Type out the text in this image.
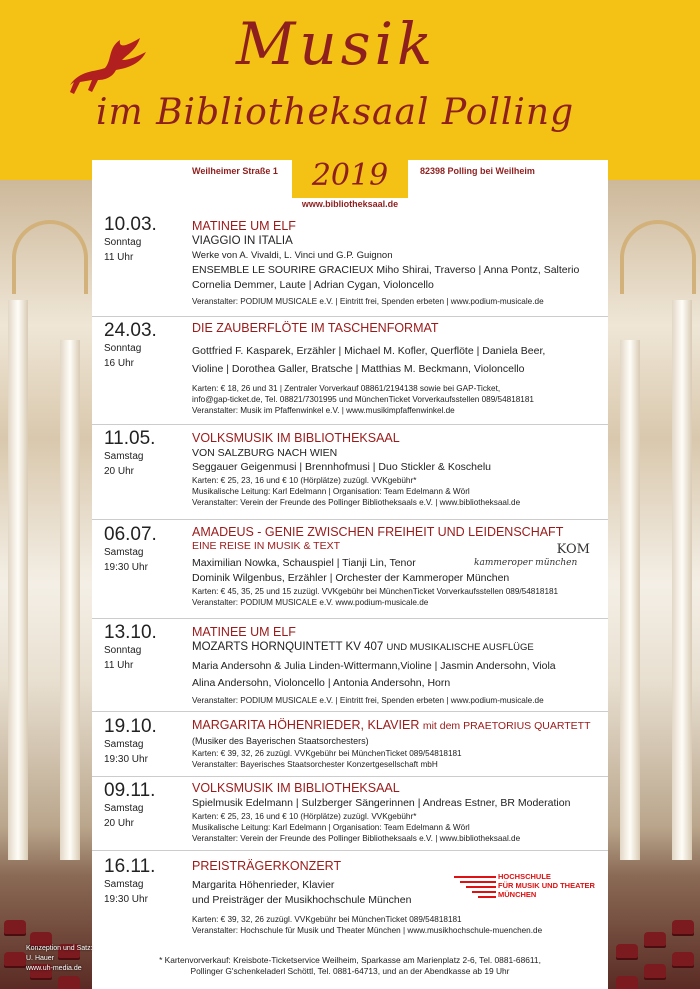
Musik
im Bibliotheksaal Polling
Weilheimer Straße 1	82398 Polling bei Weilheim
2019
www.bibliotheksaal.de
10.03.
Sonntag
11 Uhr
MATINEE UM ELF
VIAGGIO IN ITALIA
Werke von A. Vivaldi, L. Vinci und G.P. Guignon
ENSEMBLE LE SOURIRE GRACIEUX Miho Shirai, Traverso | Anna Pontz, Salterio
Cornelia Demmer, Laute | Adrian Cygan, Violoncello
Veranstalter: PODIUM MUSICALE e.V. | Eintritt frei, Spenden erbeten | www.podium-musicale.de
24.03.
Sonntag
16 Uhr
DIE ZAUBERFLÖTE IM TASCHENFORMAT
Gottfried F. Kasparek, Erzähler | Michael M. Kofler, Querflöte | Daniela Beer,
Violine | Dorothea Galler, Bratsche | Matthias M. Beckmann, Violoncello
Karten: € 18, 26 und 31 | Zentraler Vorverkauf 08861/2194138 sowie bei GAP-Ticket,
info@gap-ticket.de, Tel. 08821/7301995 und MünchenTicket Vorverkaufsstellen 089/54818181
Veranstalter: Musik im Pfaffenwinkel e.V. | www.musikimpfaffenwinkel.de
11.05.
Samstag
20 Uhr
VOLKSMUSIK IM BIBLIOTHEKSAAL
VON SALZBURG NACH WIEN
Seggauer Geigenmusi | Brennhofmusi | Duo Stickler & Koschelu
Karten: € 25, 23, 16 und € 10 (Hörplätze) zuzügl. VVKgebühr*
Musikalische Leitung: Karl Edelmann | Organisation: Team Edelmann & Wörl
Veranstalter: Verein der Freunde des Pollinger Bibliotheksaals e.V. | www.bibliotheksaal.de
06.07.
Samstag
19:30 Uhr
AMADEUS - GENIE ZWISCHEN FREIHEIT UND LEIDENSCHAFT
EINE REISE IN MUSIK & TEXT
Maximilian Nowka, Schauspiel | Tianji Lin, Tenor
Dominik Wilgenbus, Erzähler | Orchester der Kammeroper München
Karten: € 45, 35, 25 und 15 zuzügl. VVKgebühr bei MünchenTicket Vorverkaufsstellen 089/54818181
Veranstalter: PODIUM MUSICALE e.V. www.podium-musicale.de
KOM
kammeroper münchen
13.10.
Sonntag
11 Uhr
MATINEE UM ELF
MOZARTS HORNQUINTETT KV 407 UND MUSIKALISCHE AUSFLÜGE
Maria Andersohn & Julia Linden-Wittermann,Violine | Jasmin Andersohn, Viola
Alina Andersohn, Violoncello | Antonia Andersohn, Horn
Veranstalter: PODIUM MUSICALE e.V. | Eintritt frei, Spenden erbeten | www.podium-musicale.de
19.10.
Samstag
19:30 Uhr
MARGARITA HÖHENRIEDER, KLAVIER mit dem PRAETORIUS QUARTETT
(Musiker des Bayerischen Staatsorchesters)
Karten: € 39, 32, 26 zuzügl. VVKgebühr bei MünchenTicket 089/54818181
Veranstalter: Bayerisches Staatsorchester Konzertgesellschaft mbH
09.11.
Samstag
20 Uhr
VOLKSMUSIK IM BIBLIOTHEKSAAL
Spielmusik Edelmann | Sulzberger Sängerinnen | Andreas Estner, BR Moderation
Karten: € 25, 23, 16 und € 10 (Hörplätze) zuzügl. VVKgebühr*
Musikalische Leitung: Karl Edelmann | Organisation: Team Edelmann & Wörl
Veranstalter: Verein der Freunde des Pollinger Bibliotheksaals e.V. | www.bibliotheksaal.de
16.11.
Samstag
19:30 Uhr
PREISTRÄGERKONZERT
Margarita Höhenrieder, Klavier
und Preisträger der Musikhochschule München
Karten: € 39, 32, 26 zuzügl. VVKgebühr bei MünchenTicket 089/54818181
Veranstalter: Hochschule für Musik und Theater München | www.musikhochschule-muenchen.de
HOCHSCHULE
FÜR MUSIK UND THEATER
MÜNCHEN
* Kartenvorverkauf: Kreisbote-Ticketservice Weilheim, Sparkasse am Marienplatz 2-6, Tel. 0881-68611,
Pollinger G'schenkeladerl Schöttl, Tel. 0881-64713, und an der Abendkasse ab 19 Uhr
Konzeption und Satz:
U. Hauer
www.uh-media.de
